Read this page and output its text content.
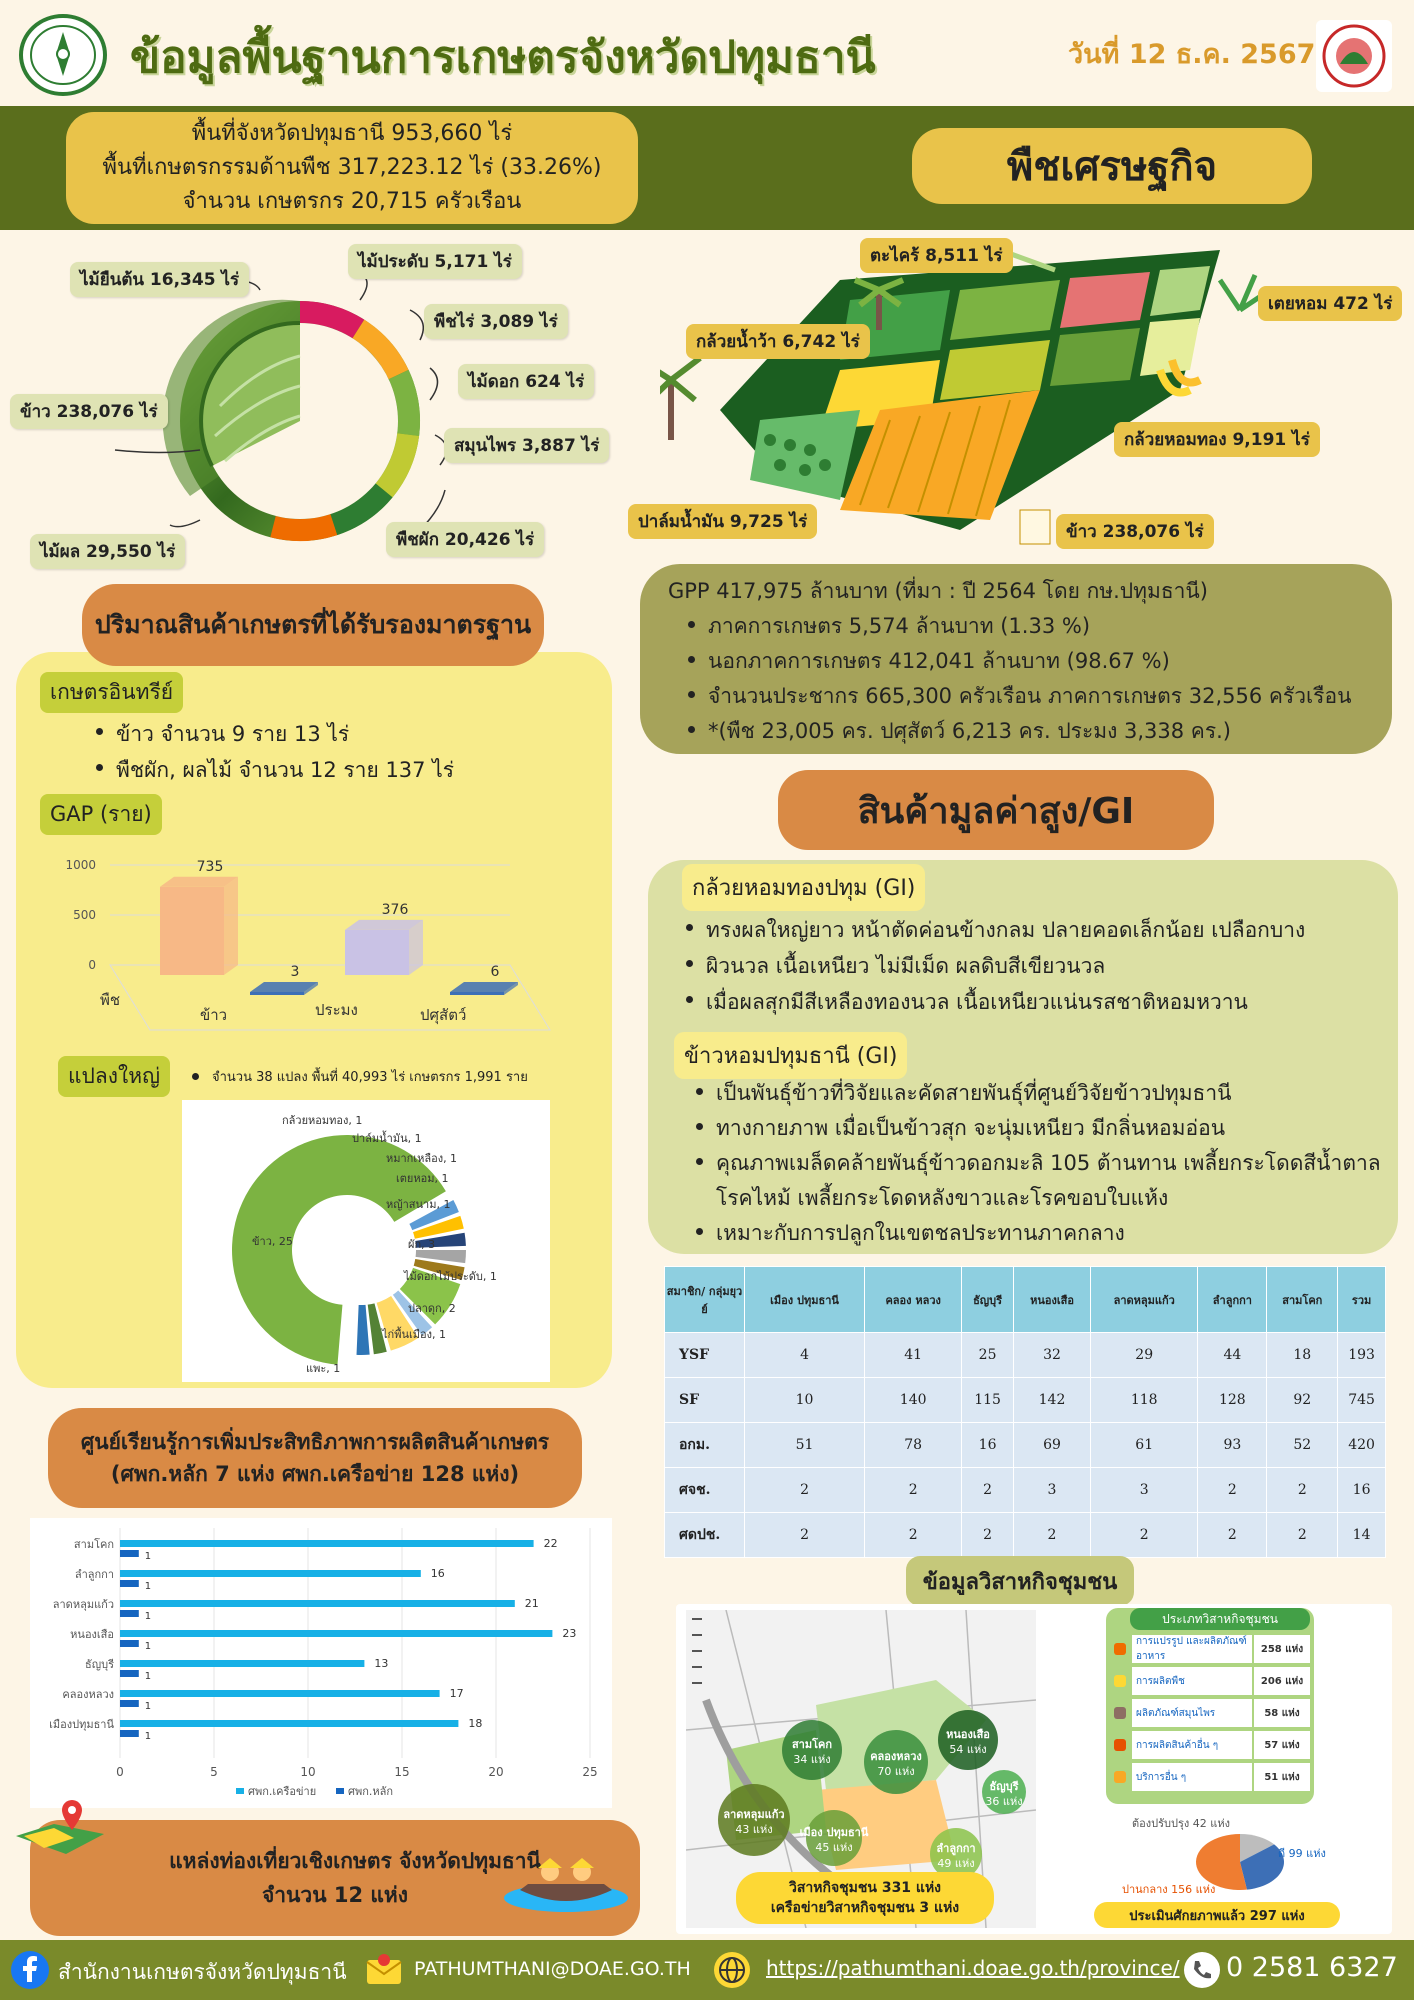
ข้อมูลพื้นฐานการเกษตรจังหวัดปทุมธานี	วันที่ 12 ธ.ค. 2567
พื้นที่จังหวัดปทุมธานี 953,660 ไร่
พื้นที่เกษตรกรรมด้านพืช 317,223.12 ไร่ (33.26%)
จำนวน เกษตรกร 20,715 ครัวเรือน
พืชเศรษฐกิจ
ไม้ยืนต้น 16,345 ไร่
ไม้ประดับ 5,171 ไร่
พืชไร่ 3,089 ไร่
ไม้ดอก 624 ไร่
สมุนไพร 3,887 ไร่
ข้าว 238,076 ไร่
พืชผัก 20,426 ไร่
ไม้ผล 29,550 ไร่
ตะไคร้ 8,511 ไร่
เตยหอม 472 ไร่
กล้วยน้ำว้า 6,742 ไร่
กล้วยหอมทอง 9,191 ไร่
ปาล์มน้ำมัน 9,725 ไร่	ข้าว 238,076 ไร่
GPP 417,975 ล้านบาท (ที่มา : ปี 2564 โดย กษ.ปทุมธานี)
ภาคการเกษตร 5,574 ล้านบาท (1.33 %)
นอกภาคการเกษตร 412,041 ล้านบาท (98.67 %)
จำนวนประชากร 665,300 ครัวเรือน ภาคการเกษตร 32,556 ครัวเรือน
*(พืช 23,005 คร. ปศุสัตว์ 6,213 คร. ประมง 3,338 คร.)
ปริมาณสินค้าเกษตรที่ได้รับรองมาตรฐาน
เกษตรอินทรีย์
ข้าว จำนวน 9 ราย 13 ไร่
พืชผัก, ผลไม้ จำนวน 12 ราย 137 ไร่
GAP (ราย)
0
500
1000	735
พืช
3
ข้าว
376
ประมง
6
ปศุสัตว์
แปลงใหญ่	จำนวน 38 แปลง พื้นที่ 40,993 ไร่ เกษตรกร 1,991 ราย
ข้าว, 25
กล้วยหอมทอง, 1
ปาล์มน้ำมัน, 1
หมากเหลือง, 1
เตยหอม, 1
หญ้าสนาม, 1
ผัก, 3
ไม้ดอกไม้ประดับ, 1
ปลาดุก, 2
ไก่พื้นเมือง, 1
แพะ, 1
ศูนย์เรียนรู้การเพิ่มประสิทธิภาพการผลิตสินค้าเกษตร
(ศพก.หลัก 7 แห่ง ศพก.เครือข่าย 128 แห่ง)
0	5	10	15	20	25
สามโคก	22
1
ลำลูกกา	16
1
ลาดหลุมแก้ว	21
1
หนองเสือ	23
1
ธัญบุรี	13
1
คลองหลวง	17
1
เมืองปทุมธานี	18
1
ศพก.เครือข่าย	ศพก.หลัก
แหล่งท่องเที่ยวเชิงเกษตร จังหวัดปทุมธานี
จำนวน 12 แห่ง
สินค้ามูลค่าสูง/GI
กล้วยหอมทองปทุม (GI)
ทรงผลใหญ่ยาว หน้าตัดค่อนข้างกลม ปลายคอดเล็กน้อย เปลือกบาง
ผิวนวล เนื้อเหนียว ไม่มีเม็ด ผลดิบสีเขียวนวล
เมื่อผลสุกมีสีเหลืองทองนวล เนื้อเหนียวแน่นรสชาติหอมหวาน
ข้าวหอมปทุมธานี (GI)
เป็นพันธุ์ข้าวที่วิจัยและคัดสายพันธุ์ที่ศูนย์วิจัยข้าวปทุมธานี
ทางกายภาพ เมื่อเป็นข้าวสุก จะนุ่มเหนียว มีกลิ่นหอมอ่อน
คุณภาพเมล็ดคล้ายพันธุ์ข้าวดอกมะลิ 105 ต้านทาน เพลี้ยกระโดดสีน้ำตาล โรคไหม้ เพลี้ยกระโดดหลังขาวและโรคขอบใบแห้ง
เหมาะกับการปลูกในเขตชลประทานภาคกลาง
สมาชิก/ กลุ่มยุวย์	เมือง ปทุมธานี	คลอง หลวง	ธัญบุรี	หนองเสือ	ลาดหลุมแก้ว	ลำลูกกา	สามโคก	รวม
YSF	4	41	25	32	29	44	18	193
SF	10	140	115	142	118	128	92	745
อกม.	51	78	16	69	61	93	52	420
ศจช.	2	2	2	3	3	2	2	16
ศดปช.	2	2	2	2	2	2	2	14
ข้อมูลวิสาหกิจชุมชน
สามโคก
34 แห่ง	คลองหลวง
70 แห่ง
หนองเสือ
54 แห่ง
ธัญบุรี
36 แห่ง
ลาดหลุมแก้ว
43 แห่ง เมือง ปทุมธานี
45 แห่ง	ลำลูกกา
49 แห่ง
วิสาหกิจชุมชน 331 แห่ง
เครือข่ายวิสาหกิจชุมชน 3 แห่ง
ประเภทวิสาหกิจชุมชน
การแปรรูป และผลิตภัณฑ์อาหาร
258 แห่ง
การผลิตพืช	206 แห่ง
ผลิตภัณฑ์สมุนไพร	58 แห่ง
การผลิตสินค้าอื่น ๆ	57 แห่ง
บริการอื่น ๆ	51 แห่ง
ต้องปรับปรุง 42 แห่ง
ดี 99 แห่ง
ปานกลาง 156 แห่ง
ประเมินศักยภาพแล้ว 297 แห่ง
สำนักงานเกษตรจังหวัดปทุมธานี	PATHUMTHANI@DOAE.GO.TH	https://pathumthani.doae.go.th/province/ 0 2581 6327
